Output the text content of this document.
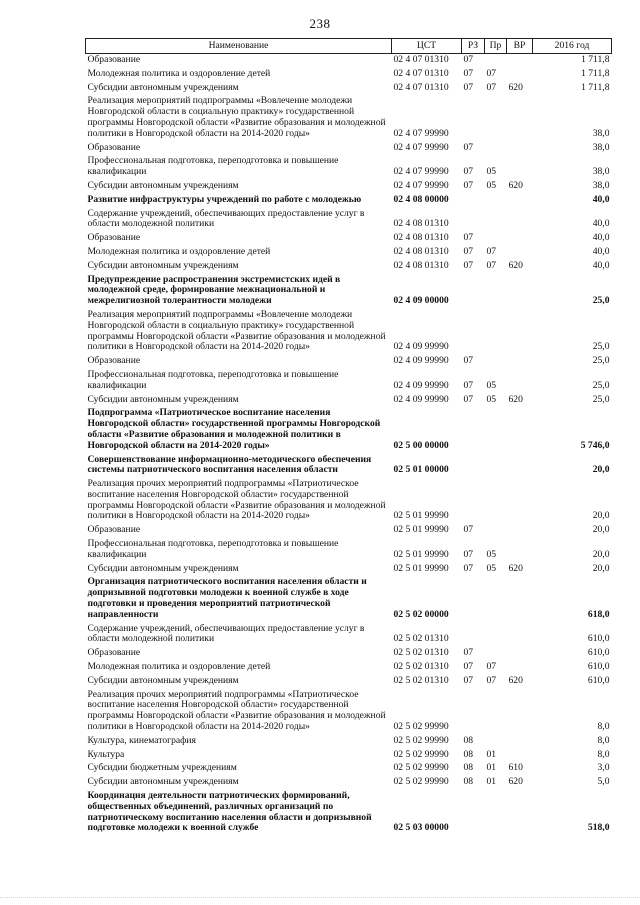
238
Наименование	ЦСТ	РЗ	Пр	ВР	2016 год
Образование	02 4 07 01310	07			1 711,8
Молодежная политика и оздоровление детей	02 4 07 01310	07	07		1 711,8
Субсидии автономным учреждениям	02 4 07 01310	07	07	620	1 711,8
Реализация мероприятий подпрограммы «Вовлечение молодежи Новгородской области в социальную практику» государственной программы Новгородской области «Развитие образования и молодежной политики в Новгородской области на 2014-2020 годы»	02 4 07 99990				38,0
Образование	02 4 07 99990	07			38,0
Профессиональная подготовка, переподготовка и повышение квалификации	02 4 07 99990	07	05		38,0
Субсидии автономным учреждениям	02 4 07 99990	07	05	620	38,0
Развитие инфраструктуры учреждений по работе с молодежью	02 4 08 00000				40,0
Содержание учреждений, обеспечивающих предоставление услуг в области молодежной политики	02 4 08 01310				40,0
Образование	02 4 08 01310	07			40,0
Молодежная политика и оздоровление детей	02 4 08 01310	07	07		40,0
Субсидии автономным учреждениям	02 4 08 01310	07	07	620	40,0
Предупреждение распространения экстремистских идей в молодежной среде, формирование межнациональной и межрелигиозной толерантности молодежи	02 4 09 00000				25,0
Реализация мероприятий подпрограммы «Вовлечение молодежи Новгородской области в социальную практику» государственной программы Новгородской области «Развитие образования и молодежной политики в Новгородской области на 2014-2020 годы»	02 4 09 99990				25,0
Образование	02 4 09 99990	07			25,0
Профессиональная подготовка, переподготовка и повышение квалификации	02 4 09 99990	07	05		25,0
Субсидии автономным учреждениям	02 4 09 99990	07	05	620	25,0
Подпрограмма «Патриотическое воспитание населения Новгородской области» государственной программы Новгородской области «Развитие образования и молодежной политики в Новгородской области на 2014-2020 годы»	02 5 00 00000				5 746,0
Совершенствование информационно-методического обеспечения системы патриотического воспитания населения области	02 5 01 00000				20,0
Реализация прочих мероприятий подпрограммы «Патриотическое воспитание населения Новгородской области» государственной программы Новгородской области «Развитие образования и молодежной политики в Новгородской области на 2014-2020 годы»	02 5 01 99990				20,0
Образование	02 5 01 99990	07			20,0
Профессиональная подготовка, переподготовка и повышение квалификации	02 5 01 99990	07	05		20,0
Субсидии автономным учреждениям	02 5 01 99990	07	05	620	20,0
Организация патриотического воспитания населения области и допризывной подготовки молодежи к военной службе в ходе подготовки и проведения мероприятий патриотической направленности	02 5 02 00000				618,0
Содержание учреждений, обеспечивающих предоставление услуг в области молодежной политики	02 5 02 01310				610,0
Образование	02 5 02 01310	07			610,0
Молодежная политика и оздоровление детей	02 5 02 01310	07	07		610,0
Субсидии автономным учреждениям	02 5 02 01310	07	07	620	610,0
Реализация прочих мероприятий подпрограммы «Патриотическое воспитание населения Новгородской области» государственной программы Новгородской области «Развитие образования и молодежной политики в Новгородской области на 2014-2020 годы»	02 5 02 99990				8,0
Культура, кинематография	02 5 02 99990	08			8,0
Культура	02 5 02 99990	08	01		8,0
Субсидии бюджетным учреждениям	02 5 02 99990	08	01	610	3,0
Субсидии автономным учреждениям	02 5 02 99990	08	01	620	5,0
Координация деятельности патриотических формирований, общественных объединений, различных организаций по патриотическому воспитанию населения области и допризывной подготовке молодежи к военной службе	02 5 03 00000				518,0
